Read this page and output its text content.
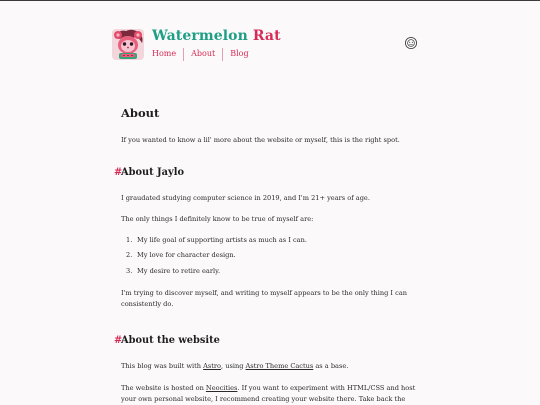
Watermelon Rat
Home	About	Blog
About

If you wanted to know a lil' more about the website or myself, this is the right spot.

#
About Jaylo

I graudated studying computer science in 2019, and I'm 21+ years of age.

The only things I definitely know to be true of myself are:

1. My life goal of supporting artists as much as I can.
2. My love for character design.
3. My desire to retire early.

I'm trying to discover myself, and writing to myself appears to be the only thing I can
consistently do.

#
About the website

This blog was built with Astro, using Astro Theme Cactus as a base.

The website is hosted on Neocities. If you want to experiment with HTML/CSS and host
your own personal website, I recommend creating your website there. Take back the
